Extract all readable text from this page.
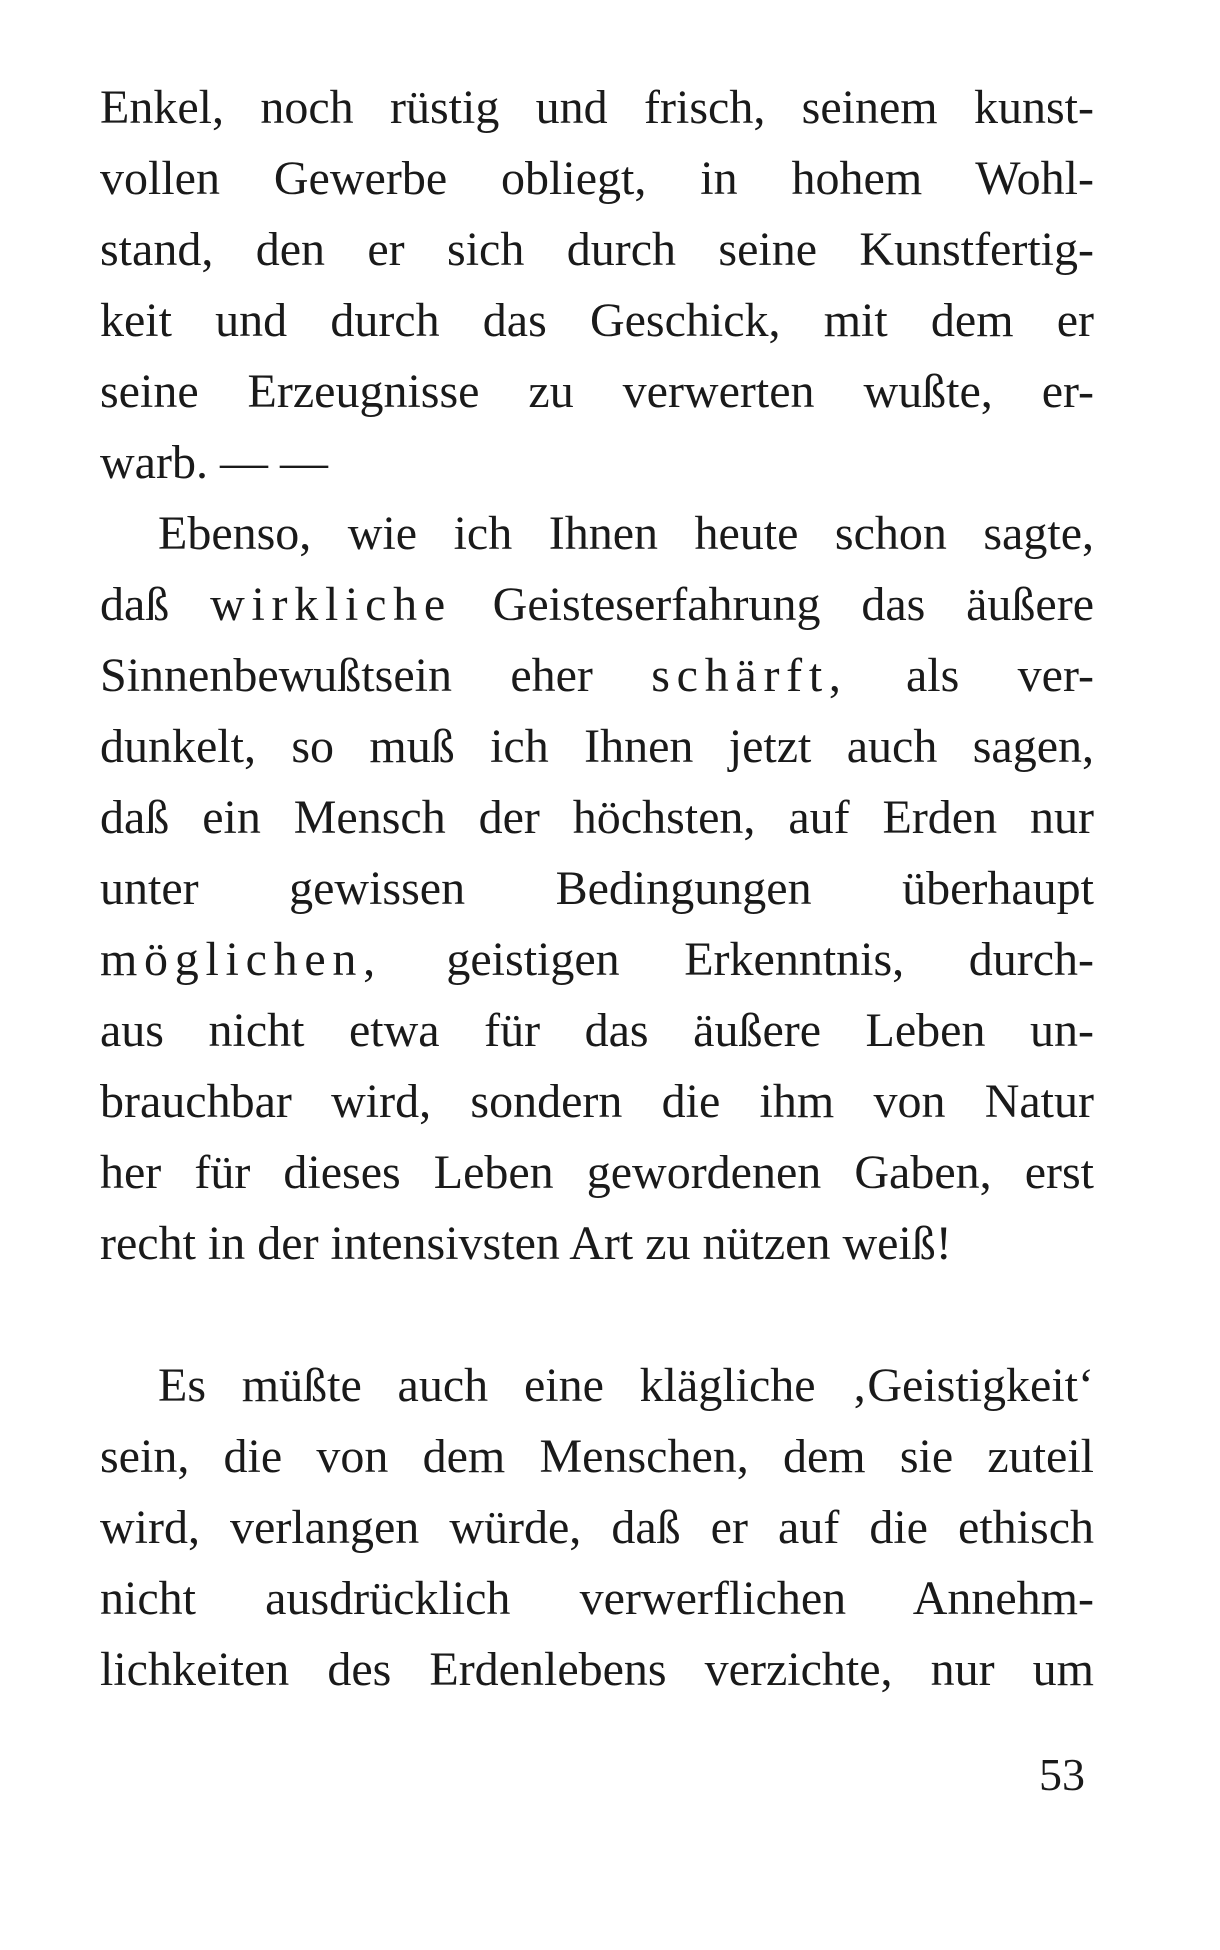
Enkel, noch rüstig und frisch, seinem kunst-
vollen Gewerbe obliegt, in hohem Wohl-
stand, den er sich durch seine Kunstfertig-
keit und durch das Geschick, mit dem er
seine Erzeugnisse zu verwerten wußte, er-
warb. — —
Ebenso, wie ich Ihnen heute schon sagte,
daß wirkliche Geisteserfahrung das äußere
Sinnenbewußtsein eher schärft, als ver-
dunkelt, so muß ich Ihnen jetzt auch sagen,
daß ein Mensch der höchsten, auf Erden nur
unter gewissen Bedingungen überhaupt
möglichen, geistigen Erkenntnis, durch-
aus nicht etwa für das äußere Leben un-
brauchbar wird, sondern die ihm von Natur
her für dieses Leben gewordenen Gaben, erst
recht in der intensivsten Art zu nützen weiß!
Es müßte auch eine klägliche ‚Geistigkeit‘
sein, die von dem Menschen, dem sie zuteil
wird, verlangen würde, daß er auf die ethisch
nicht ausdrücklich verwerflichen Annehm-
lichkeiten des Erdenlebens verzichte, nur um
53
